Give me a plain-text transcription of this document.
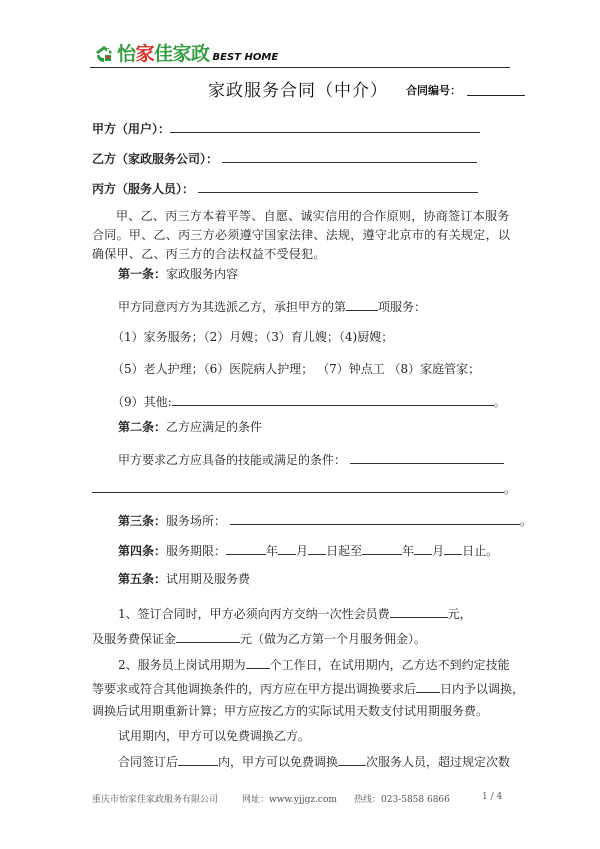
怡家佳家政 BEST HOME
家政服务合同（中介） 合同编号：
甲方（用户）：
乙方（家政服务公司）：
丙方（服务人员）：
甲、乙、丙三方本着平等、自愿、诚实信用的合作原则，协商签订本服务合同。甲、乙、丙三方必须遵守国家法律、法规，遵守北京市的有关规定，以确保甲、乙、丙三方的合法权益不受侵犯。
第一条：家政服务内容
甲方同意丙方为其选派乙方，承担甲方的第	项服务：
（1）家务服务；（2）月嫂；（3）育儿嫂；（4)厨嫂；
（5）老人护理；（6）医院病人护理； （7）钟点工 （8）家庭管家；
（9）其他:	。
第二条：乙方应满足的条件
甲方要求乙方应具备的技能或满足的条件：
。
第三条：服务场所：	。
第四条：服务期限：	年 月 日起至	年 月 日止。
第五条：试用期及服务费
1、签订合同时，甲方必须向丙方交纳一次性会员费	元，
及服务费保证金	元（做为乙方第一个月服务佣金）。
2、服务员上岗试用期为 个工作日，在试用期内，乙方达不到约定技能
等要求或符合其他调换条件的，丙方应在甲方提出调换要求后 日内予以调换，
调换后试用期重新计算；甲方应按乙方的实际试用天数支付试用期服务费。
试用期内，甲方可以免费调换乙方。
合同签订后	内，甲方可以免费调换 次服务人员，超过规定次数
重庆市怡家佳家政服务有限公司	网址：www.yjjgz.com 热线：023-5858 6866	1 / 4
